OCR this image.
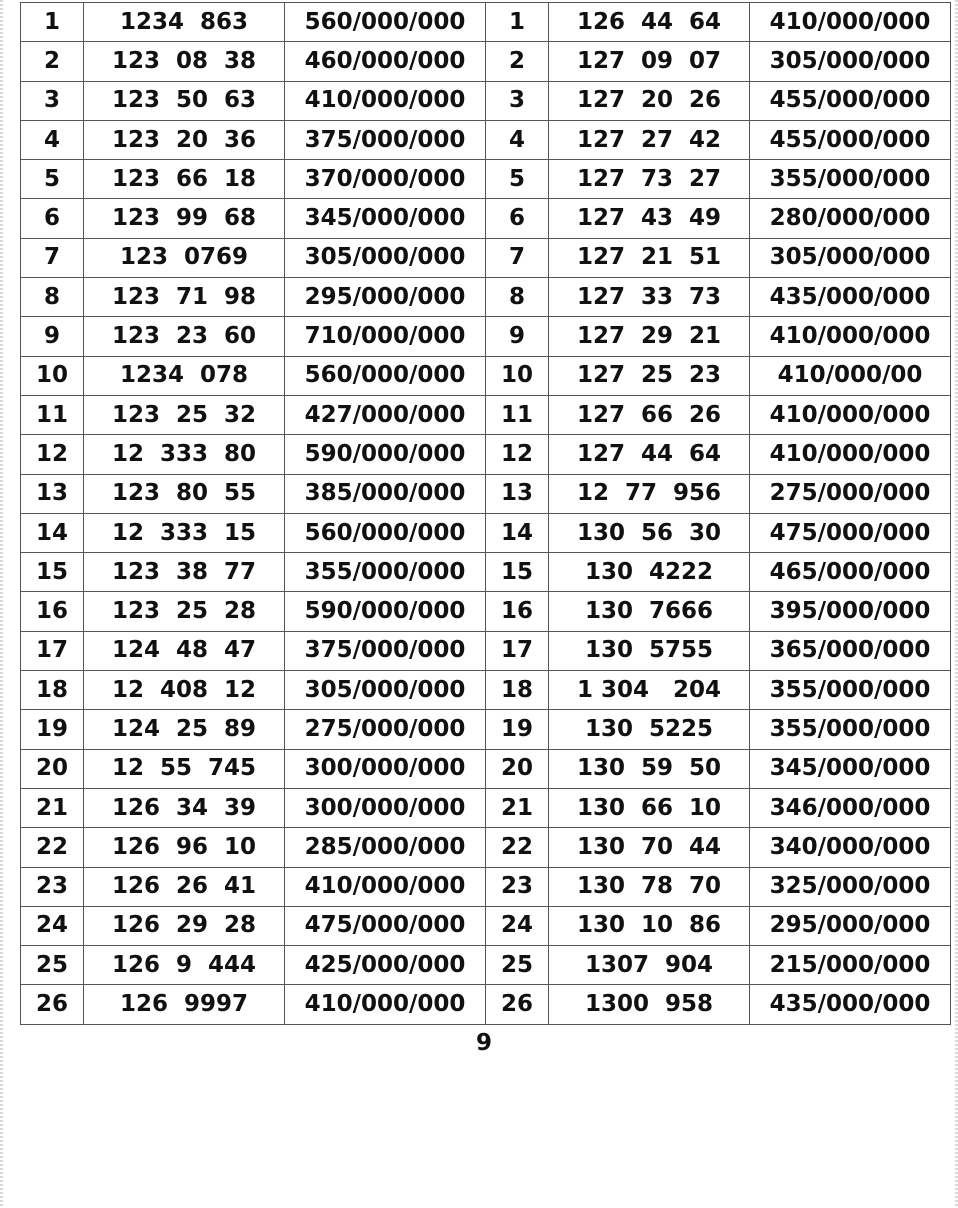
1	1234  863	560/000/000	1	126  44  64	410/000/000
2	123  08  38	460/000/000	2	127  09  07	305/000/000
3	123  50  63	410/000/000	3	127  20  26	455/000/000
4	123  20  36	375/000/000	4	127  27  42	455/000/000
5	123  66  18	370/000/000	5	127  73  27	355/000/000
6	123  99  68	345/000/000	6	127  43  49	280/000/000
7	123  0769	305/000/000	7	127  21  51	305/000/000
8	123  71  98	295/000/000	8	127  33  73	435/000/000
9	123  23  60	710/000/000	9	127  29  21	410/000/000
10	1234  078	560/000/000	10	127  25  23	410/000/00
11	123  25  32	427/000/000	11	127  66  26	410/000/000
12	12  333  80	590/000/000	12	127  44  64	410/000/000
13	123  80  55	385/000/000	13	12  77  956	275/000/000
14	12  333  15	560/000/000	14	130  56  30	475/000/000
15	123  38  77	355/000/000	15	130  4222	465/000/000
16	123  25  28	590/000/000	16	130  7666	395/000/000
17	124  48  47	375/000/000	17	130  5755	365/000/000
18	12  408  12	305/000/000	18	1 304   204	355/000/000
19	124  25  89	275/000/000	19	130  5225	355/000/000
20	12  55  745	300/000/000	20	130  59  50	345/000/000
21	126  34  39	300/000/000	21	130  66  10	346/000/000
22	126  96  10	285/000/000	22	130  70  44	340/000/000
23	126  26  41	410/000/000	23	130  78  70	325/000/000
24	126  29  28	475/000/000	24	130  10  86	295/000/000
25	126  9  444	425/000/000	25	1307  904	215/000/000
26	126  9997	410/000/000	26	1300  958	435/000/000
9
